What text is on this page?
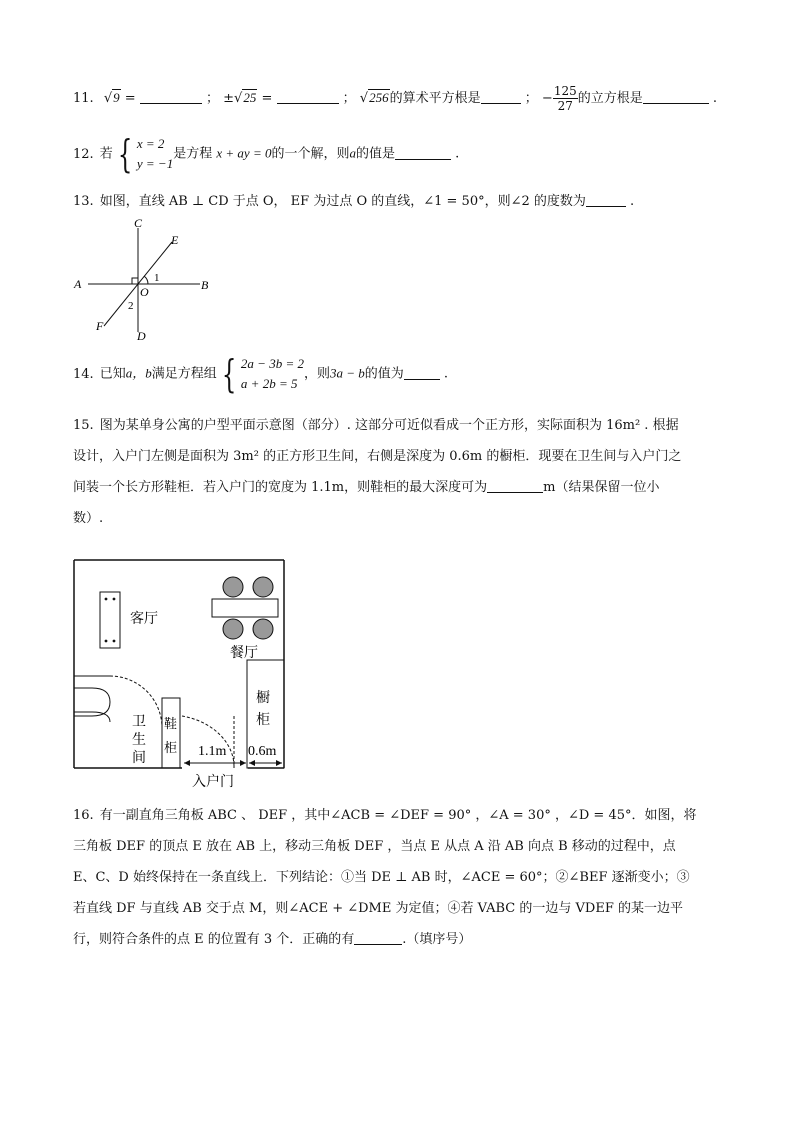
11. √9 =	； ±√25 =	； √256的算术平方根是	； − $\frac{125}{27}$ 的立方根是	.
12. 若 { x = 2
y = −1
是方程 x + ay = 0的一个解，则a的值是	.
13. 如图，直线 AB ⊥ CD 于点 O， EF 为过点 O 的直线，∠1 = 50°，则∠2 的度数为	.
C
E
A	B
O
1
2
F
D
14. 已知a，b满足方程组 { 2a − 3b = 2
a + 2b = 5
，则3a − b的值为	.
15. 图为某单身公寓的户型平面示意图（部分）. 这部分可近似看成一个正方形，实际面积为 16m² . 根据
设计，入户门左侧是面积为 3m² 的正方形卫生间，右侧是深度为 0.6m 的橱柜．现要在卫生间与入户门之
间装一个长方形鞋柜．若入户门的宽度为 1.1m，则鞋柜的最大深度可为	m（结果保留一位小
数）.
客厅
餐厅
橱
柜
卫
生
间
鞋
柜 1.1m 0.6m
入户门
16. 有一副直角三角板 ABC 、 DEF ，其中∠ACB = ∠DEF = 90° ，∠A = 30° ，∠D = 45°．如图，将
三角板 DEF 的顶点 E 放在 AB 上，移动三角板 DEF ，当点 E 从点 A 沿 AB 向点 B 移动的过程中，点
E、C、D 始终保持在一条直线上．下列结论：①当 DE ⊥ AB 时，∠ACE = 60°；②∠BEF 逐渐变小；③
若直线 DF 与直线 AB 交于点 M，则∠ACE + ∠DME 为定值；④若 VABC 的一边与 VDEF 的某一边平
行，则符合条件的点 E 的位置有 3 个．正确的有	.（填序号）
